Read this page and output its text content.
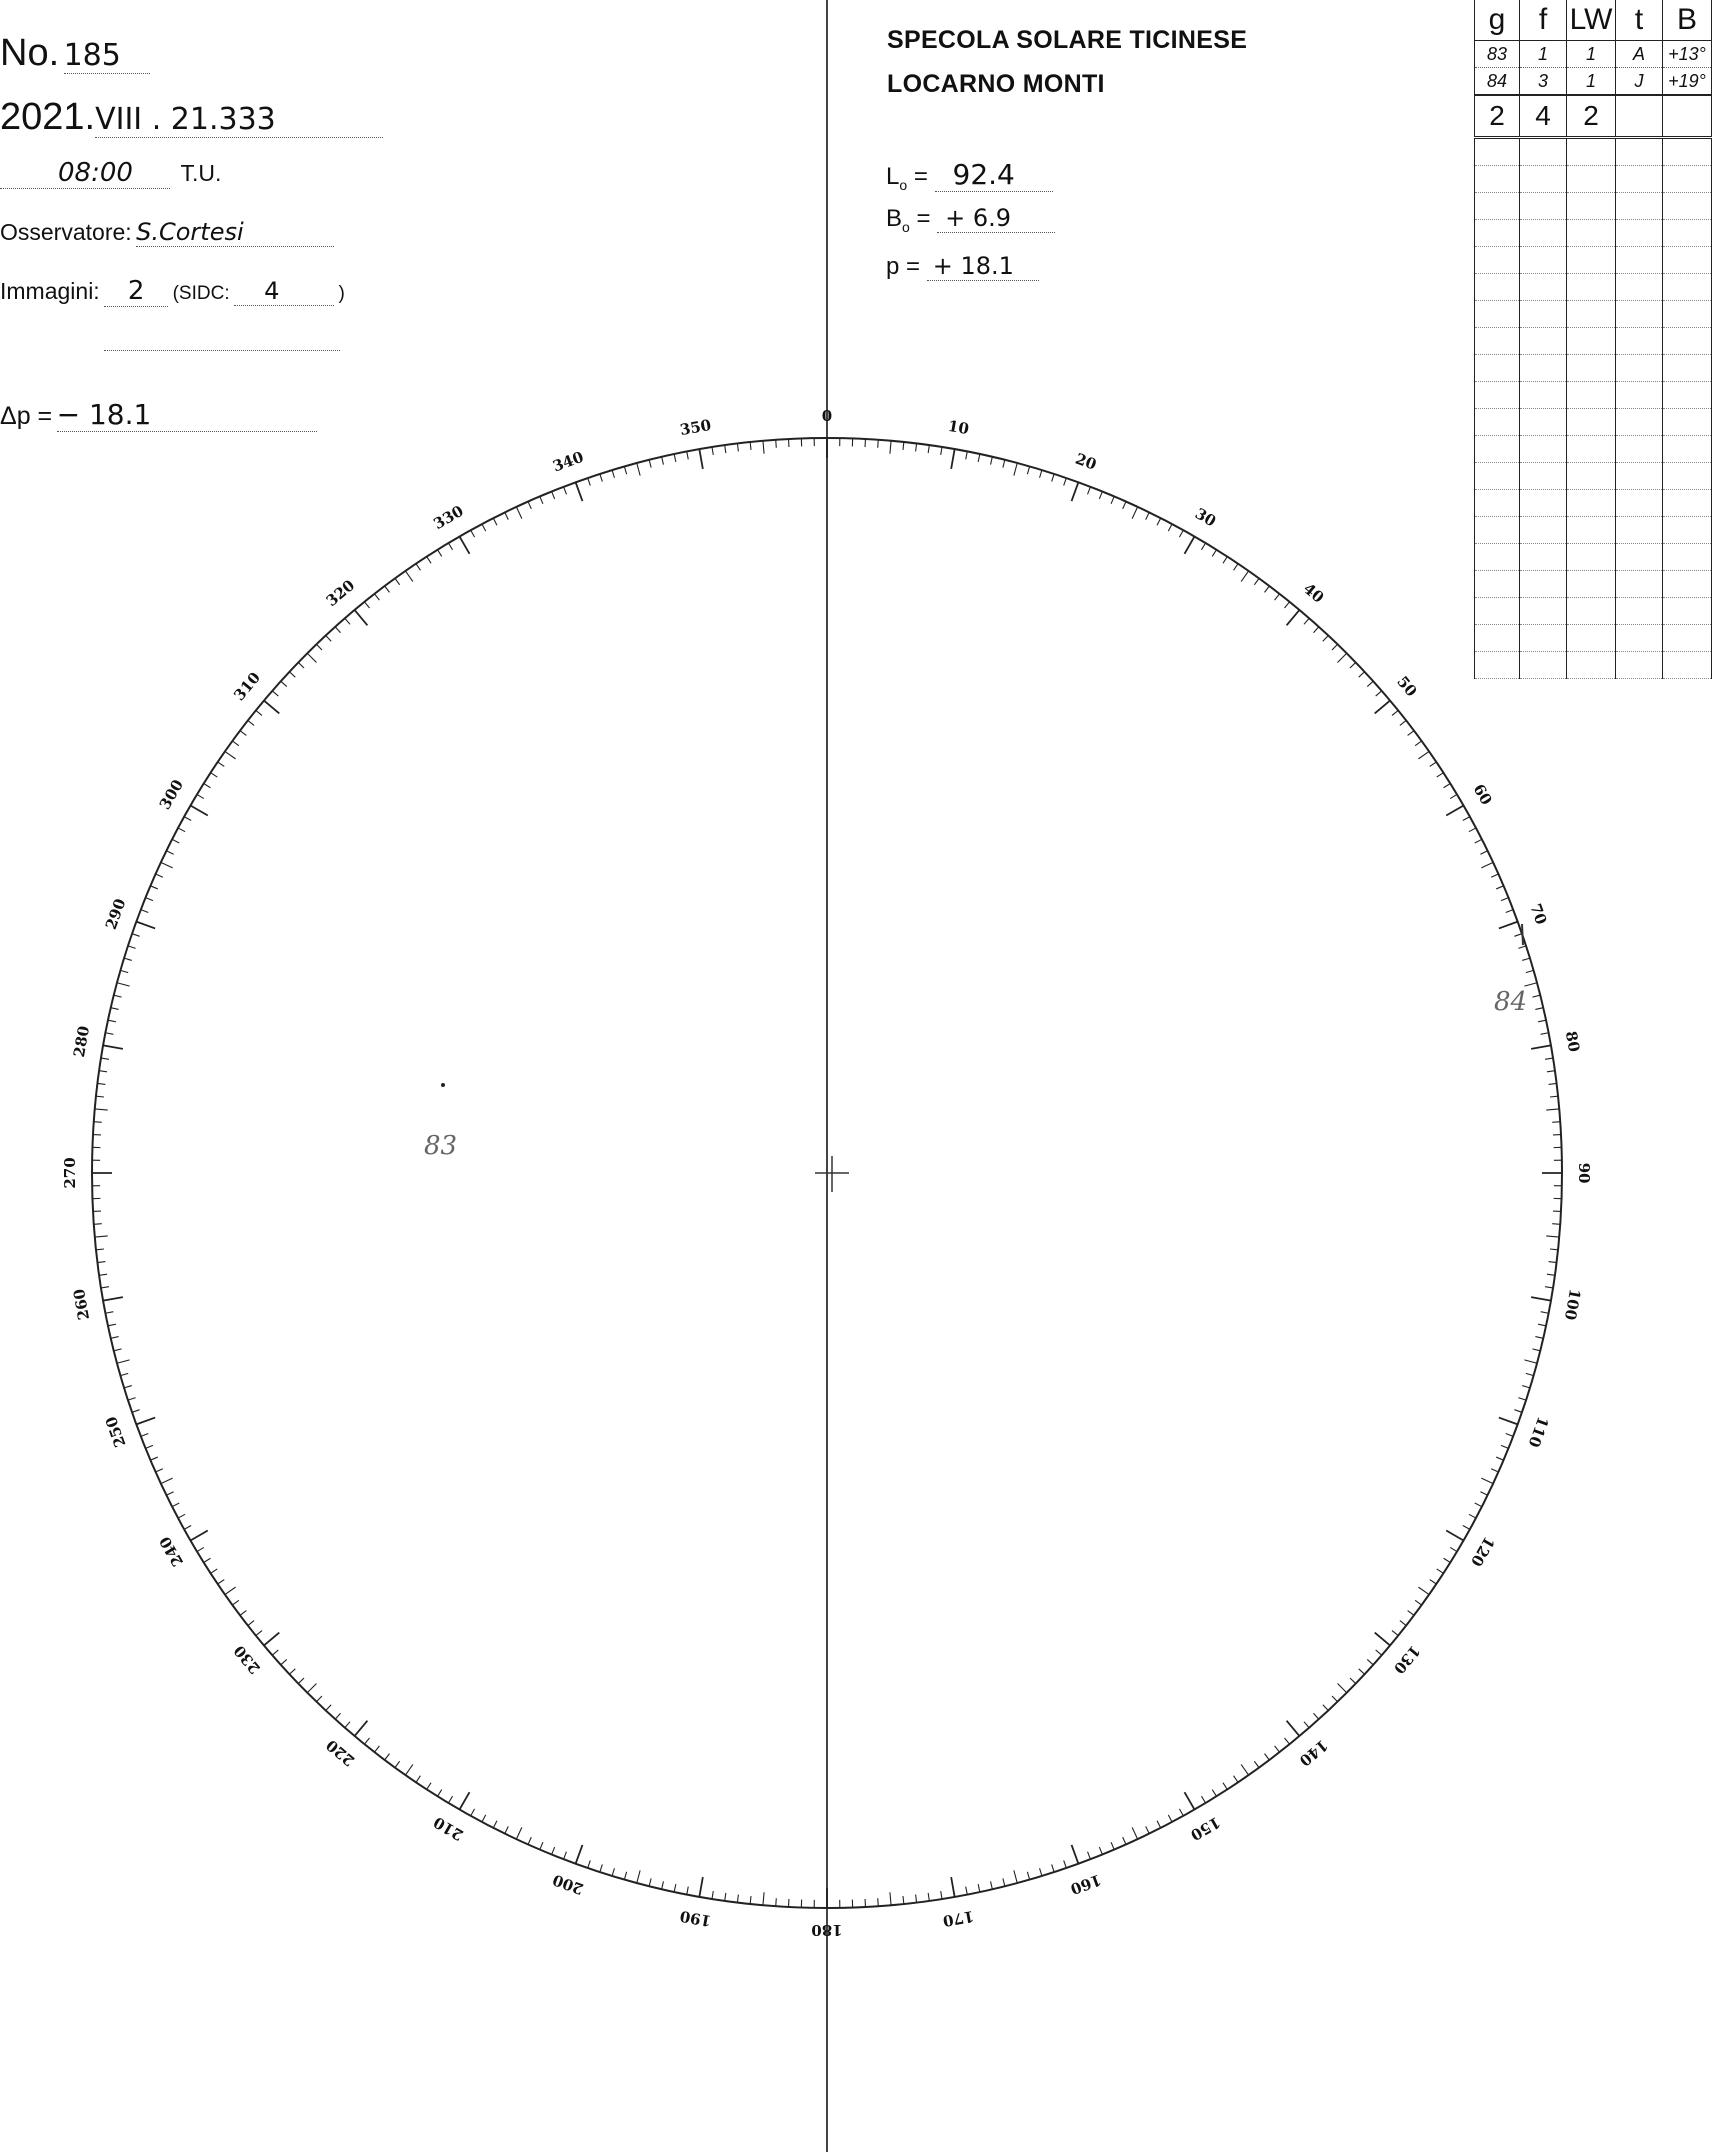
No. 185
2021.VIII . 21.333
08:00 T.U.
Osservatore: S.Cortesi
Immagini: 2 (SIDC: 4	)
Δp = − 18.1
SPECOLA SOLARE TICINESE
LOCARNO MONTI
$L_o = 92.4$
$B_o$ = + 6.9
p = + 18.1
g	f	LW	t	B
83	1	1	A	+13°
84	3	1	J	+19°
2	4	2		

0
10
20
30
40
50
60
70
80
90
100
110
120
130
140
150
160
170
180
190
200
210
220
230
240
250
260
270
280
290
300
310
320
330
340
350
83
84
